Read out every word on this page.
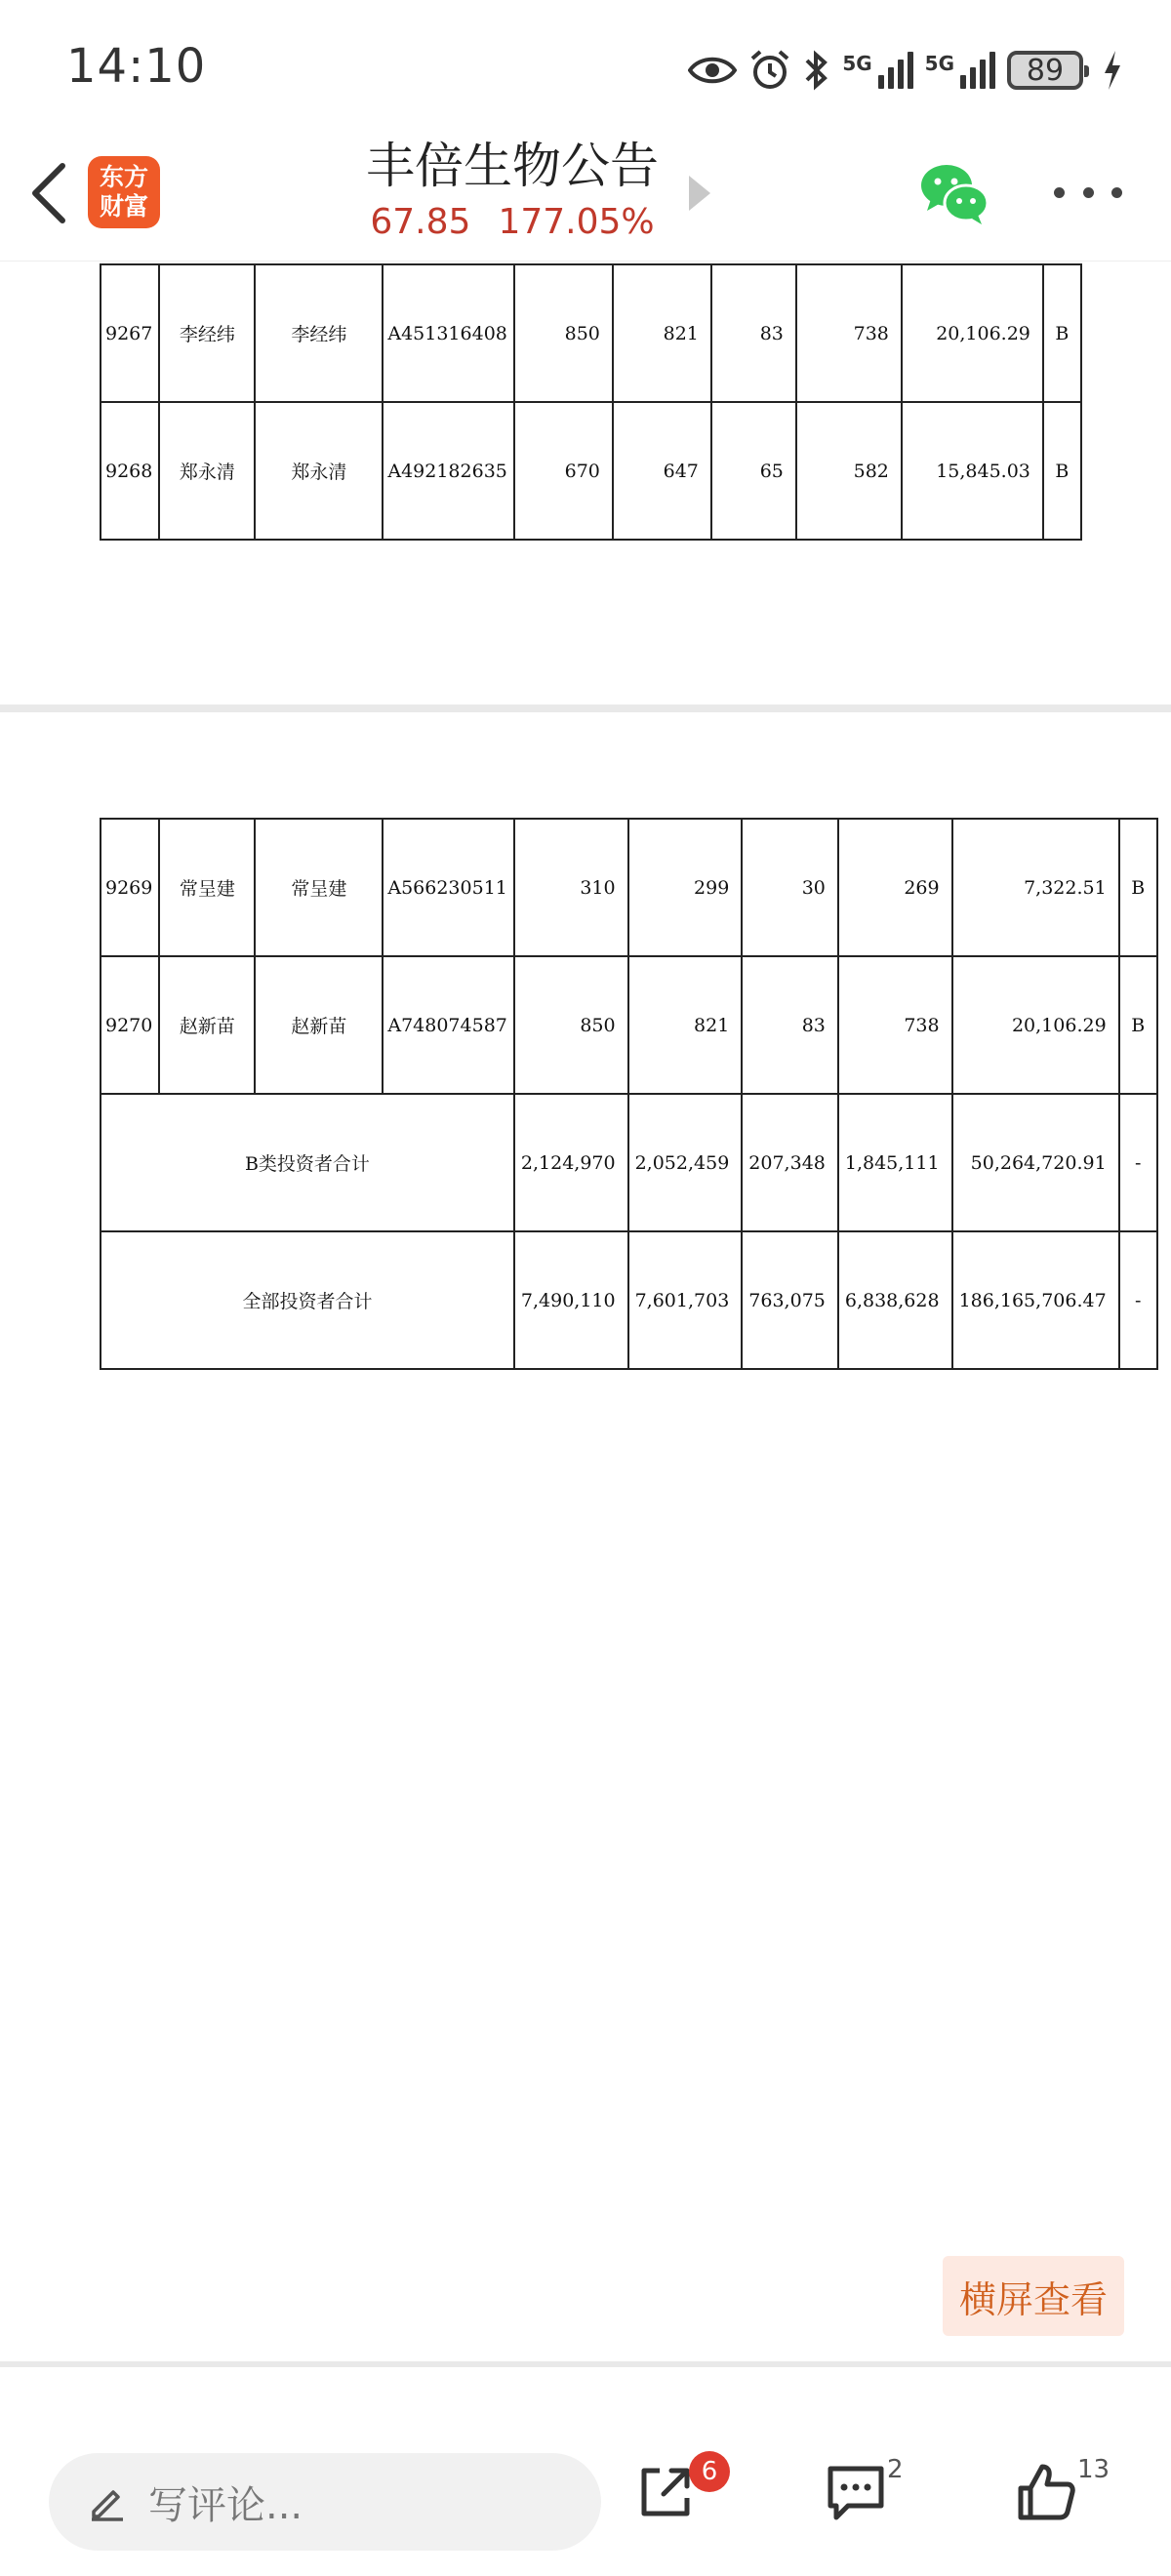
14:10	5G	5G	89
东方
财富
丰倍生物公告
67.85 177.05%
9267	李经纬	李经纬	A451316408	850	821	83	738	20,106.29	B
9268	郑永清	郑永清	A492182635	670	647	65	582	15,845.03	B
9269	常呈建	常呈建	A566230511	310	299	30	269	7,322.51	B
9270	赵新苗	赵新苗	A748074587	850	821	83	738	20,106.29	B
B类投资者合计				2,124,970	2,052,459	207,348	1,845,111	50,264,720.91	-
全部投资者合计				7,490,110	7,601,703	763,075	6,838,628	186,165,706.47	-
横屏查看
写评论...
6	2	13
